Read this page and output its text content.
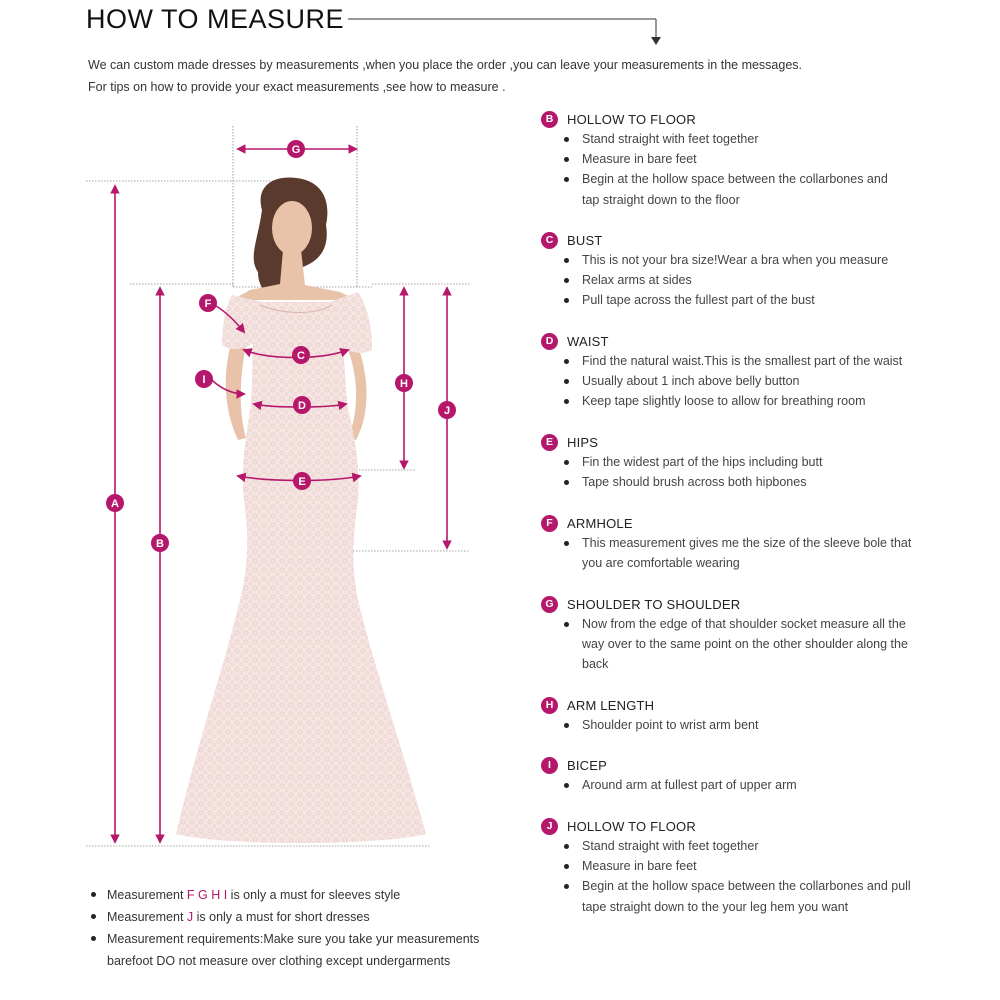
HOW TO MEASURE
We can custom made dresses by measurements ,when you place the order ,you can leave your measurements in the messages.
For tips on how to provide your exact measurements ,see how to measure .
G
A
B
F
C
I
D
H
J
E
B	HOLLOW TO FLOOR
Stand straight with feet together
Measure in bare feet
Begin at the hollow space between the collarbones and
tap straight down to the floor
C	BUST
This is not your bra size!Wear a bra when you measure
Relax arms at sides
Pull tape across the fullest part of the bust
D	WAIST
Find the natural waist.This is the smallest part of the waist
Usually about 1 inch above belly button
Keep tape slightly loose to allow for breathing room
E	HIPS
Fin the widest part of the hips including butt
Tape should brush across both hipbones
F	ARMHOLE
This measurement gives me the size of the sleeve bole that
you are comfortable wearing
G	SHOULDER TO SHOULDER
Now from the edge of that shoulder socket measure all the
way over to the same point on the other shoulder along the
back
H	ARM LENGTH
Shoulder point to wrist arm bent
I	BICEP
Around arm at fullest part of upper arm
J	HOLLOW TO FLOOR
Stand straight with feet together
Measure in bare feet
Begin at the hollow space between the collarbones and pull
tape straight down to the your leg hem you want
Measurement F G H I is only a must for sleeves style
Measurement J is only a must for short dresses
Measurement requirements:Make sure you take yur measurements
barefoot DO not measure over clothing except undergarments
